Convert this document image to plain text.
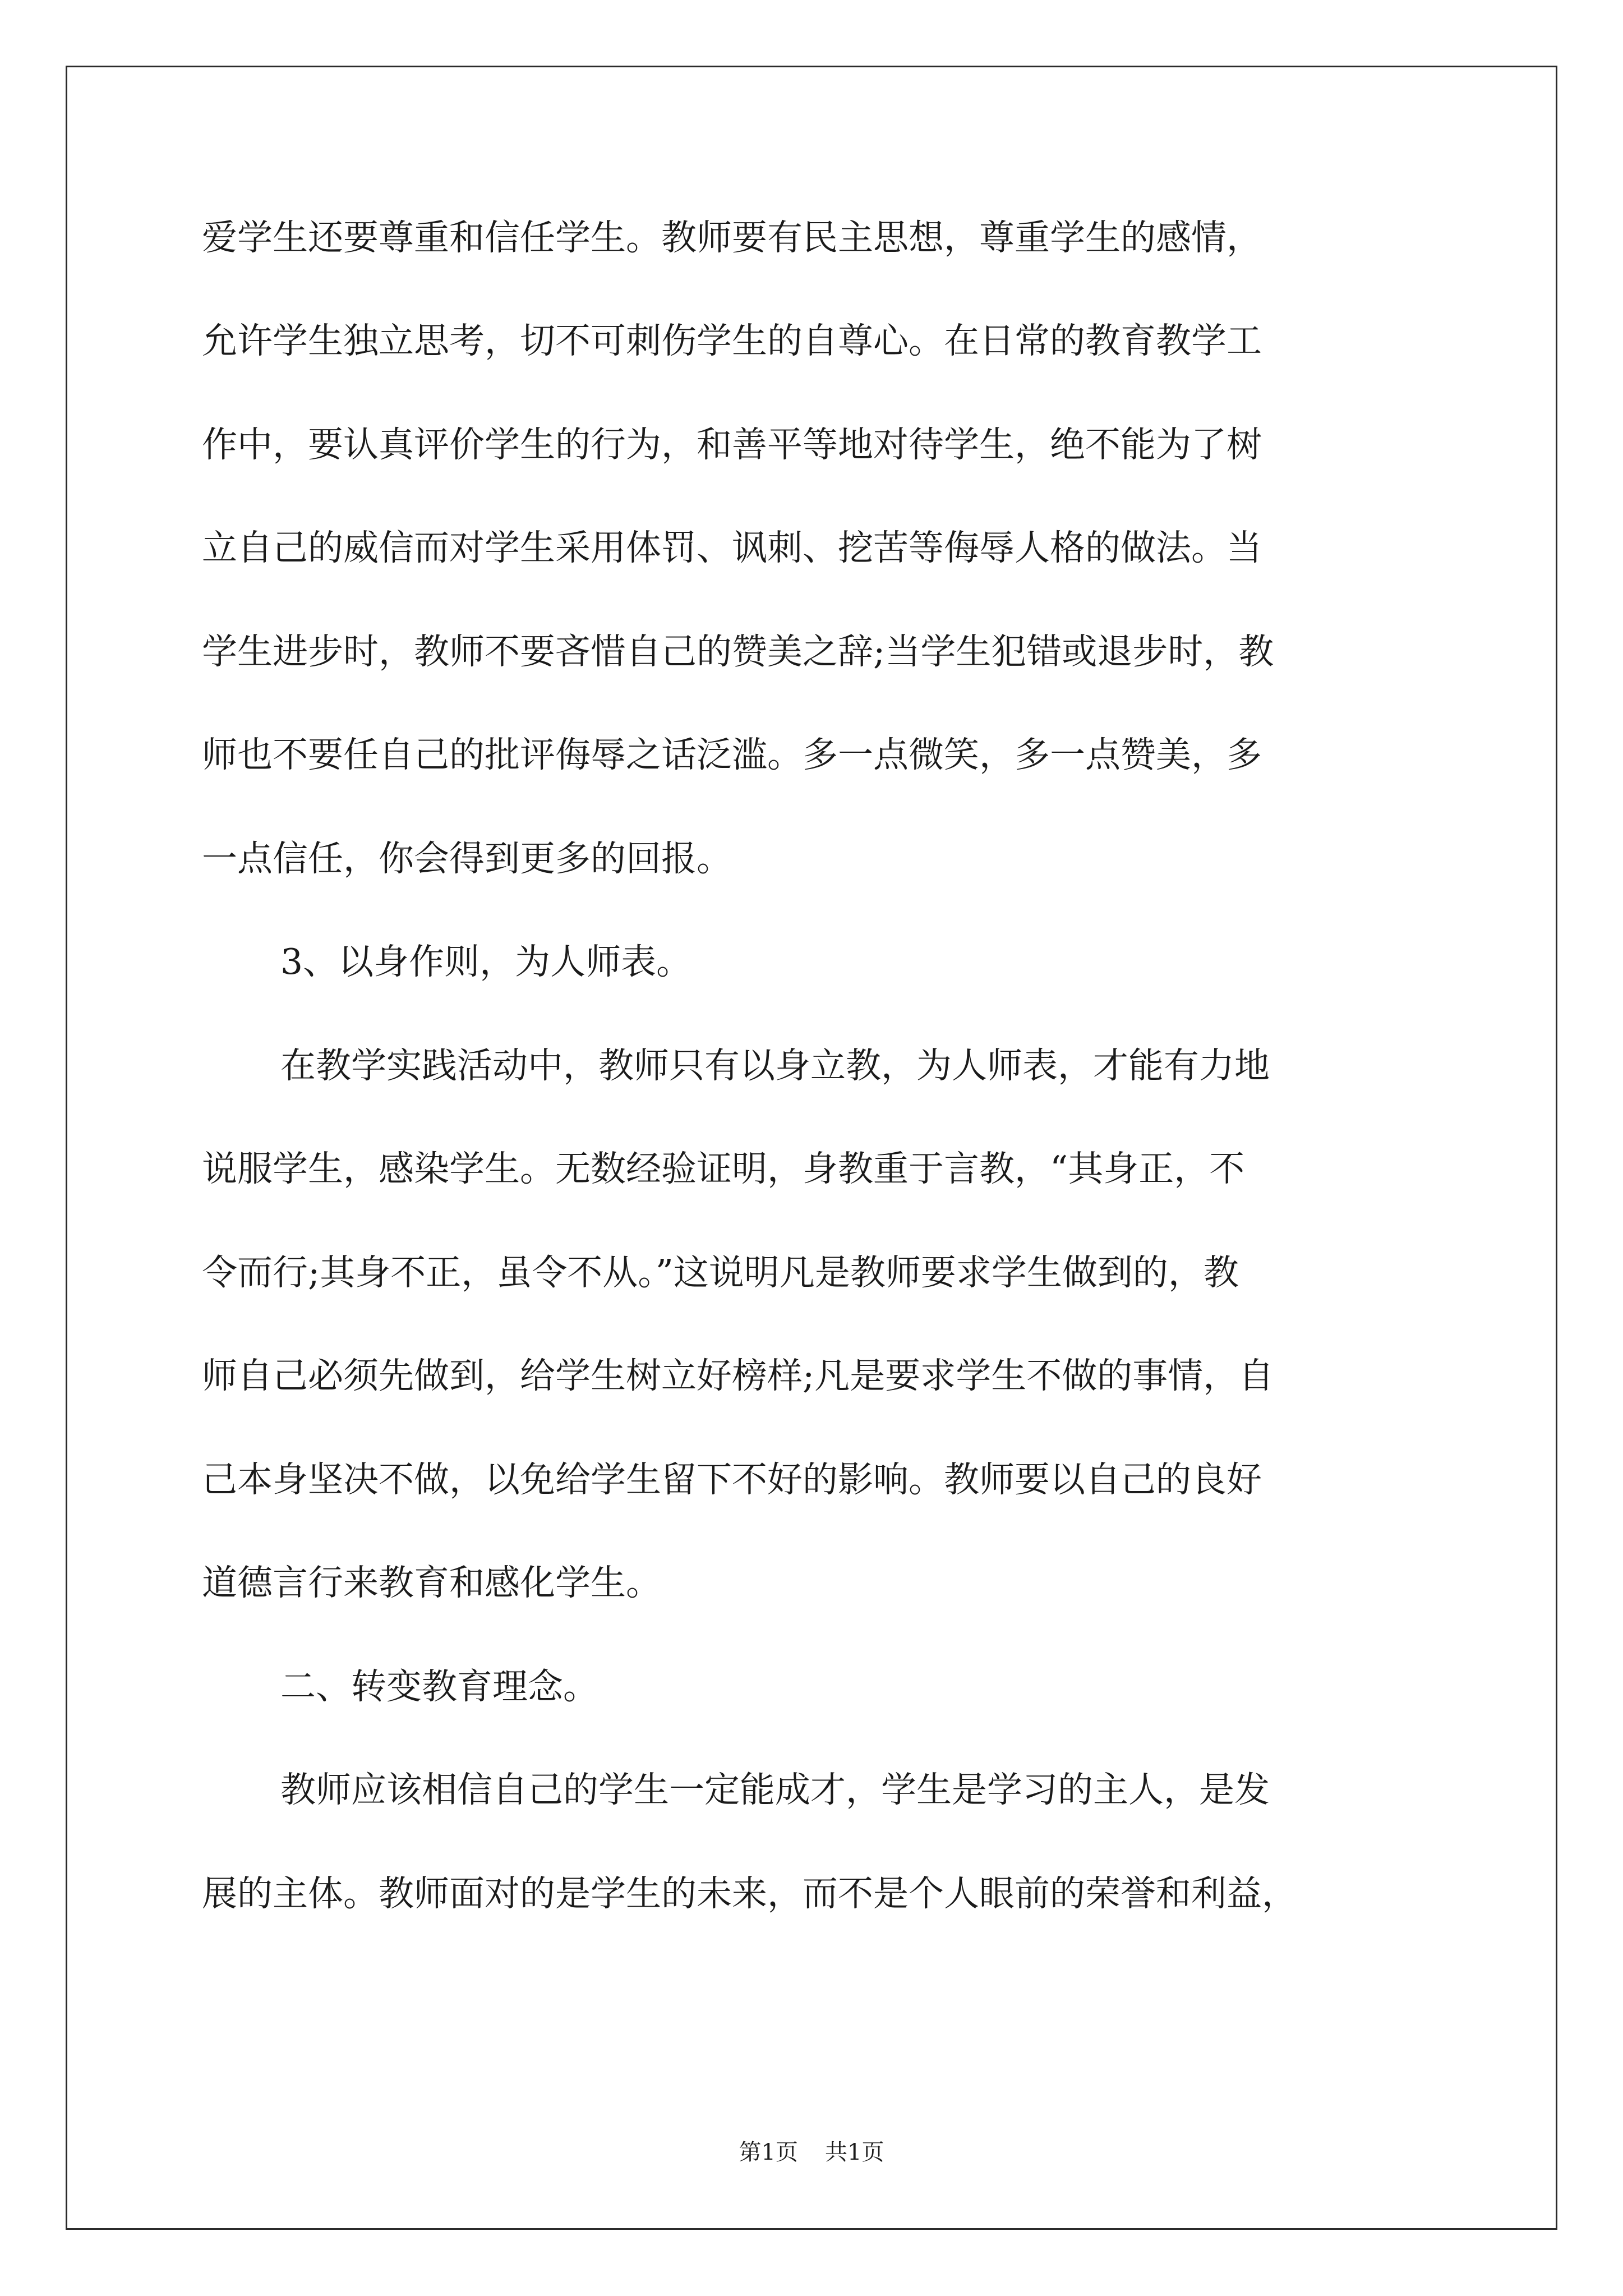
爱学生还要尊重和信任学生。教师要有民主思想，尊重学生的感情，
允许学生独立思考，切不可刺伤学生的自尊心。在日常的教育教学工
作中，要认真评价学生的行为，和善平等地对待学生，绝不能为了树
立自己的威信而对学生采用体罚、讽刺、挖苦等侮辱人格的做法。当
学生进步时，教师不要吝惜自己的赞美之辞;当学生犯错或退步时，教
师也不要任自己的批评侮辱之话泛滥。多一点微笑，多一点赞美，多
一点信任，你会得到更多的回报。
3、以身作则，为人师表。
在教学实践活动中，教师只有以身立教，为人师表，才能有力地
说服学生，感染学生。无数经验证明，身教重于言教，“其身正，不
令而行;其身不正，虽令不从。”这说明凡是教师要求学生做到的，教
师自己必须先做到，给学生树立好榜样;凡是要求学生不做的事情，自
己本身坚决不做，以免给学生留下不好的影响。教师要以自己的良好
道德言行来教育和感化学生。
二、转变教育理念。
教师应该相信自己的学生一定能成才，学生是学习的主人，是发
展的主体。教师面对的是学生的未来，而不是个人眼前的荣誉和利益，
第1页 共1页
